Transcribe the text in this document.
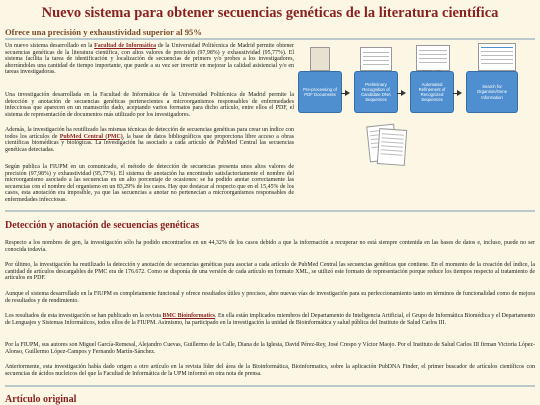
Nuevo sistema para obtener secuencias genéticas de la literatura científica
Ofrece una precisión y exhaustividad superior al 95%

Un nuevo sistema desarrollado en la Facultad de Informática de la Universidad Politécnica de Madrid permite obtener secuencias genéticas de la literatura científica, con altos valores de precisión (97,98%) y exhaustividad (95,77%). El sistema facilita la tarea de identificación y localización de secuencias de primers y/o probes a los investigadores, ahorrándoles una cantidad de tiempo importante, que puede a su vez ser invertir en mejorar la calidad asistencial y/o en tareas investigadoras.

Una investigación desarrollada en la Facultad de Informática de la Universidad Politécnica de Madrid permite la detección y anotación de secuencias genéticas pertenecientes a microorganismos responsables de enfermedades infecciosas que aparecen en un manuscrito dado, aceptando varios formatos para dicho artículo, entre ellos el PDF, el sistema de representación de documentos más utilizado por los investigadores.

Además, la investigación ha reutilizado las mismas técnicas de detección de secuencias genéticas para crear un índice con todos los artículos de PubMed Central (PMC), la base de datos bibliográficos que proporciona libre acceso a obras científicas biomédicas y biológicas. La investigación ha asociado a cada artículo de PubMed Central las secuencias genéticas detectadas.

Según publica la FIUPM en un comunicado, el método de detección de secuencias presenta unos altos valores de precisión (97,98%) y exhaustividad (95,77%). El sistema de anotación ha encontrado satisfactoriamente el nombre del microorganismo asociado a las secuencias en un alto porcentaje de ocasiones: se ha podido anotar correctamente las secuencias con el nombre del organismo en un 83,29% de los casos. Hay que destacar al respecto que en el 15,45% de los casos, esta anotación era imposible, ya que las secuencias a anotar no pertenecían a microorganismos responsables de enfermedades infecciosas.

Pre-processing of PDF Documents
Preliminary Recognition of Candidate DNA Sequences
Automated Refinement of Recognized Sequences
Search for Organism/Gene Information
Detección y anotación de secuencias genéticas

Respecto a los nombres de gen, la investigación sólo ha podido encontrarlos en un 44,32% de los casos debido a que la información a recuperar no está siempre contenida en las bases de datos e, incluso, puede no ser conocida todavía.

Por último, la investigación ha reutilizado la detección y anotación de secuencias genéticas para asociar a cada artículo de PubMed Central las secuencias genéticas que contiene. En el momento de la creación del índice, la cantidad de artículos descargables de PMC era de 176.672. Como se disponía de una versión de cada artículo en formato XML, se utilizó este formato de representación porque reduce los tiempos respecto al tratamiento de artículos en PDF.

Aunque el sistema desarrollado en la FIUPM es completamente funcional y ofrece resultados útiles y precisos, abre nuevas vías de investigación para su perfeccionamiento tanto en términos de funcionalidad como de mejora de resultados y de rendimiento.

Los resultados de esta investigación se han publicado en la revista BMC Bioinformatics. En ella están implicados miembros del Departamento de Inteligencia Artificial, el Grupo de Informática Biomédica y el Departamento de Lenguajes y Sistemas Informáticos, todos ellos de la FIUPM. Asimismo, ha participado en la investigación la unidad de Bioinformática y salud pública del Instituto de Salud Carlos III.

Por la FIUPM, sus autores son Miguel García-Remesal, Alejandro Cuevas, Guillermo de la Calle, Diana de la Iglesia, David Pérez-Rey, José Crespo y Víctor Maojo. Por el Instituto de Salud Carlos III firman Victoria López-Alonso, Guillermo López-Campos y Fernando Martín-Sánchez.

Anteriormente, esta investigación había dado origen a otro artículo en la revista líder del área de la Bioinformática, Bioinformatics, sobre la aplicación PubDNA Finder, el primer buscador de artículos científicos con secuencias de ácidos nucleicos del que la Facultad de Informática de la UPM informó en otra nota de prensa.

Artículo original
